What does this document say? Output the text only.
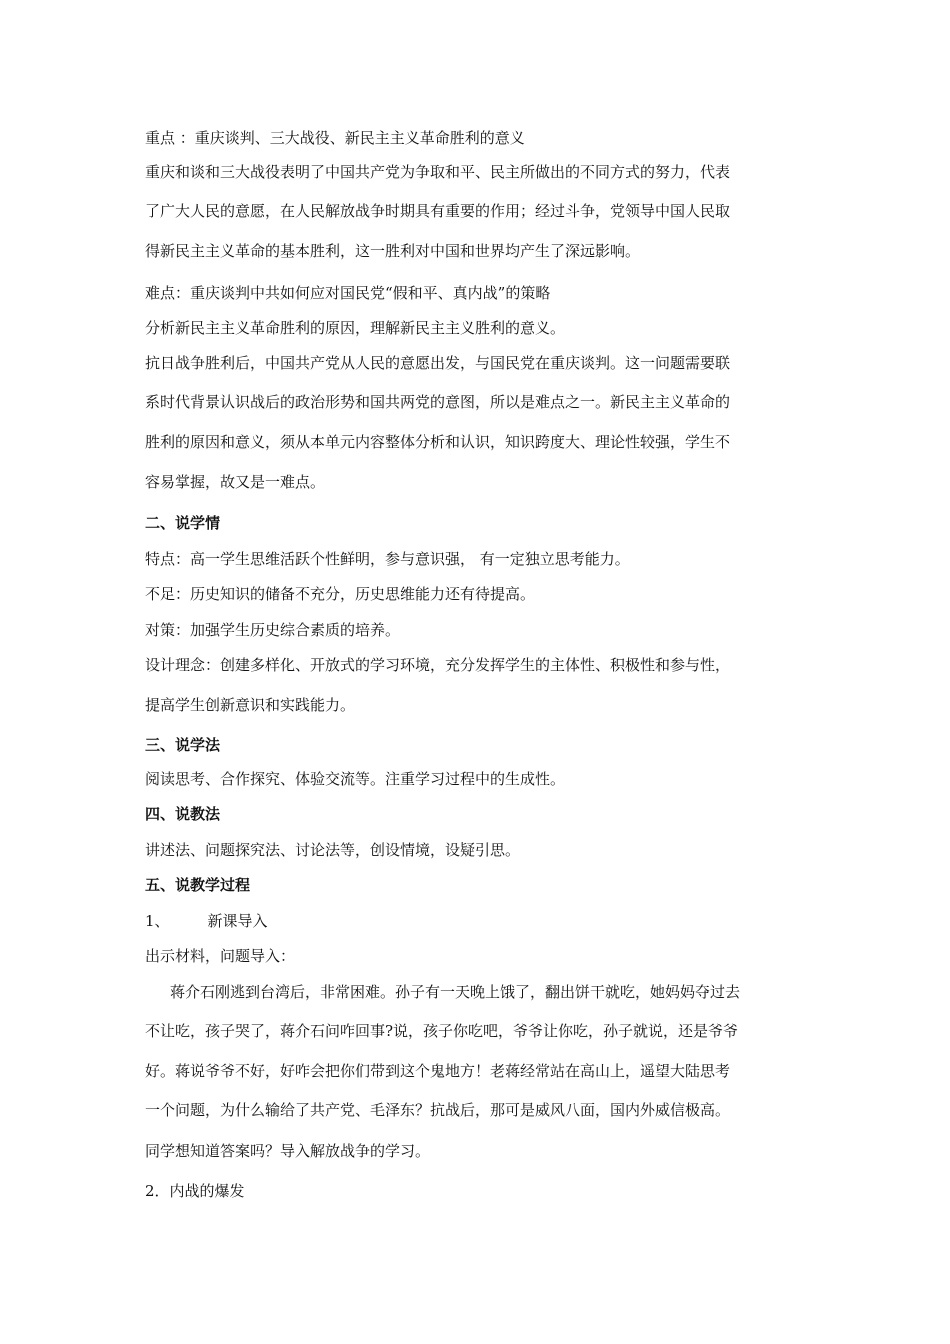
重点 ：重庆谈判、三大战役、新民主主义革命胜利的意义
重庆和谈和三大战役表明了中国共产党为争取和平、民主所做出的不同方式的努力，代表
了广大人民的意愿，在人民解放战争时期具有重要的作用；经过斗争，党领导中国人民取
得新民主主义革命的基本胜利，这一胜利对中国和世界均产生了深远影响。
难点：重庆谈判中共如何应对国民党“假和平、真内战”的策略
分析新民主主义革命胜利的原因，理解新民主主义胜利的意义。
抗日战争胜利后，中国共产党从人民的意愿出发，与国民党在重庆谈判。这一问题需要联
系时代背景认识战后的政治形势和国共两党的意图，所以是难点之一。新民主主义革命的
胜利的原因和意义，须从本单元内容整体分析和认识，知识跨度大、理论性较强，学生不
容易掌握，故又是一难点。
二、说学情
特点：高一学生思维活跃个性鲜明，参与意识强， 有一定独立思考能力。
不足：历史知识的储备不充分，历史思维能力还有待提高。
对策：加强学生历史综合素质的培养。
设计理念：创建多样化、开放式的学习环境，充分发挥学生的主体性、积极性和参与性，
提高学生创新意识和实践能力。
三、说学法
阅读思考、合作探究、体验交流等。注重学习过程中的生成性。
四、说教法
讲述法、问题探究法、讨论法等，创设情境，设疑引思。
五、说教学过程
1、	新课导入
出示材料，问题导入：
蒋介石刚逃到台湾后，非常困难。孙子有一天晚上饿了，翻出饼干就吃，她妈妈夺过去
不让吃，孩子哭了，蒋介石问咋回事?说，孩子你吃吧，爷爷让你吃，孙子就说，还是爷爷
好。蒋说爷爷不好，好咋会把你们带到这个鬼地方！老蒋经常站在高山上，遥望大陆思考
一个问题，为什么输给了共产党、毛泽东？抗战后，那可是威风八面，国内外威信极高。
同学想知道答案吗？导入解放战争的学习。
2．内战的爆发
